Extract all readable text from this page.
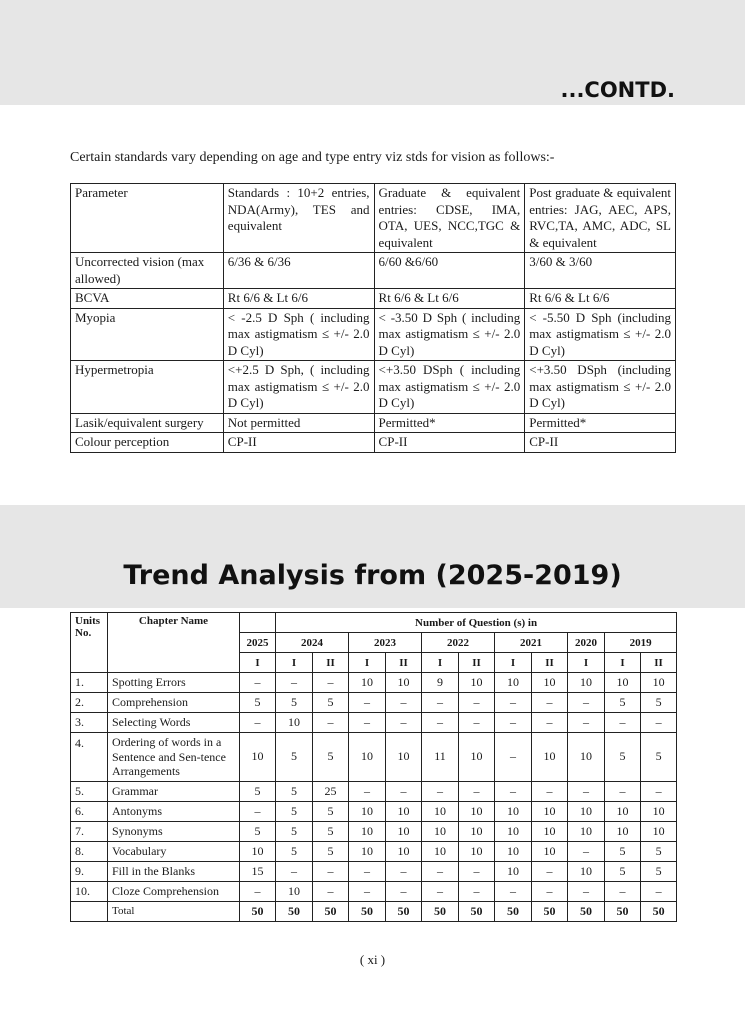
...CONTD.
Certain standards vary depending on age and type entry viz stds for vision as follows:-
Parameter	Standards : 10+2 entries, NDA(Army), TES and equivalent	Graduate & equivalent entries: CDSE, IMA, OTA, UES, NCC,TGC & equivalent	Post graduate & equivalent entries: JAG, AEC, APS, RVC,TA, AMC, ADC, SL & equivalent
Uncorrected vision (max allowed)	6/36 & 6/36	6/60 &6/60	3/60 & 3/60
BCVA	Rt 6/6 & Lt 6/6	Rt 6/6 & Lt 6/6	Rt 6/6 & Lt 6/6
Myopia	< -2.5 D Sph ( including max astigmatism ≤ +/- 2.0 D Cyl)	< -3.50 D Sph ( including max astigmatism ≤ +/- 2.0 D Cyl)	< -5.50 D Sph (including max astigmatism ≤ +/- 2.0 D Cyl)
Hypermetropia	<+2.5 D Sph, ( including max astigmatism ≤ +/- 2.0 D Cyl)	<+3.50 DSph ( including max astigmatism ≤ +/- 2.0 D Cyl)	<+3.50 DSph (including max astigmatism ≤ +/- 2.0 D Cyl)
Lasik/equivalent surgery	Not permitted	Permitted*	Permitted*
Colour perception	CP-II	CP-II	CP-II
Trend Analysis from (2025-2019)
Units No.	Chapter Name		Number of Question (s) in										
		2025	2024		2023		2022		2021		2020	2019	
		I	I	II	I	II	I	II	I	II	I	I	II
1.	Spotting Errors	–	–	–	10	10	9	10	10	10	10	10	10
2.	Comprehension	5	5	5	–	–	–	–	–	–	–	5	5
3.	Selecting Words	–	10	–	–	–	–	–	–	–	–	–	–
4.	Ordering of words in a Sentence and Sen-tence Arrangements	10	5	5	10	10	11	10	–	10	10	5	5
5.	Grammar	5	5	25	–	–	–	–	–	–	–	–	–
6.	Antonyms	–	5	5	10	10	10	10	10	10	10	10	10
7.	Synonyms	5	5	5	10	10	10	10	10	10	10	10	10
8.	Vocabulary	10	5	5	10	10	10	10	10	10	–	5	5
9.	Fill in the Blanks	15	–	–	–	–	–	–	10	–	10	5	5
10.	Cloze Comprehension	–	10	–	–	–	–	–	–	–	–	–	–
	Total	50	50	50	50	50	50	50	50	50	50	50	50
( xi )
